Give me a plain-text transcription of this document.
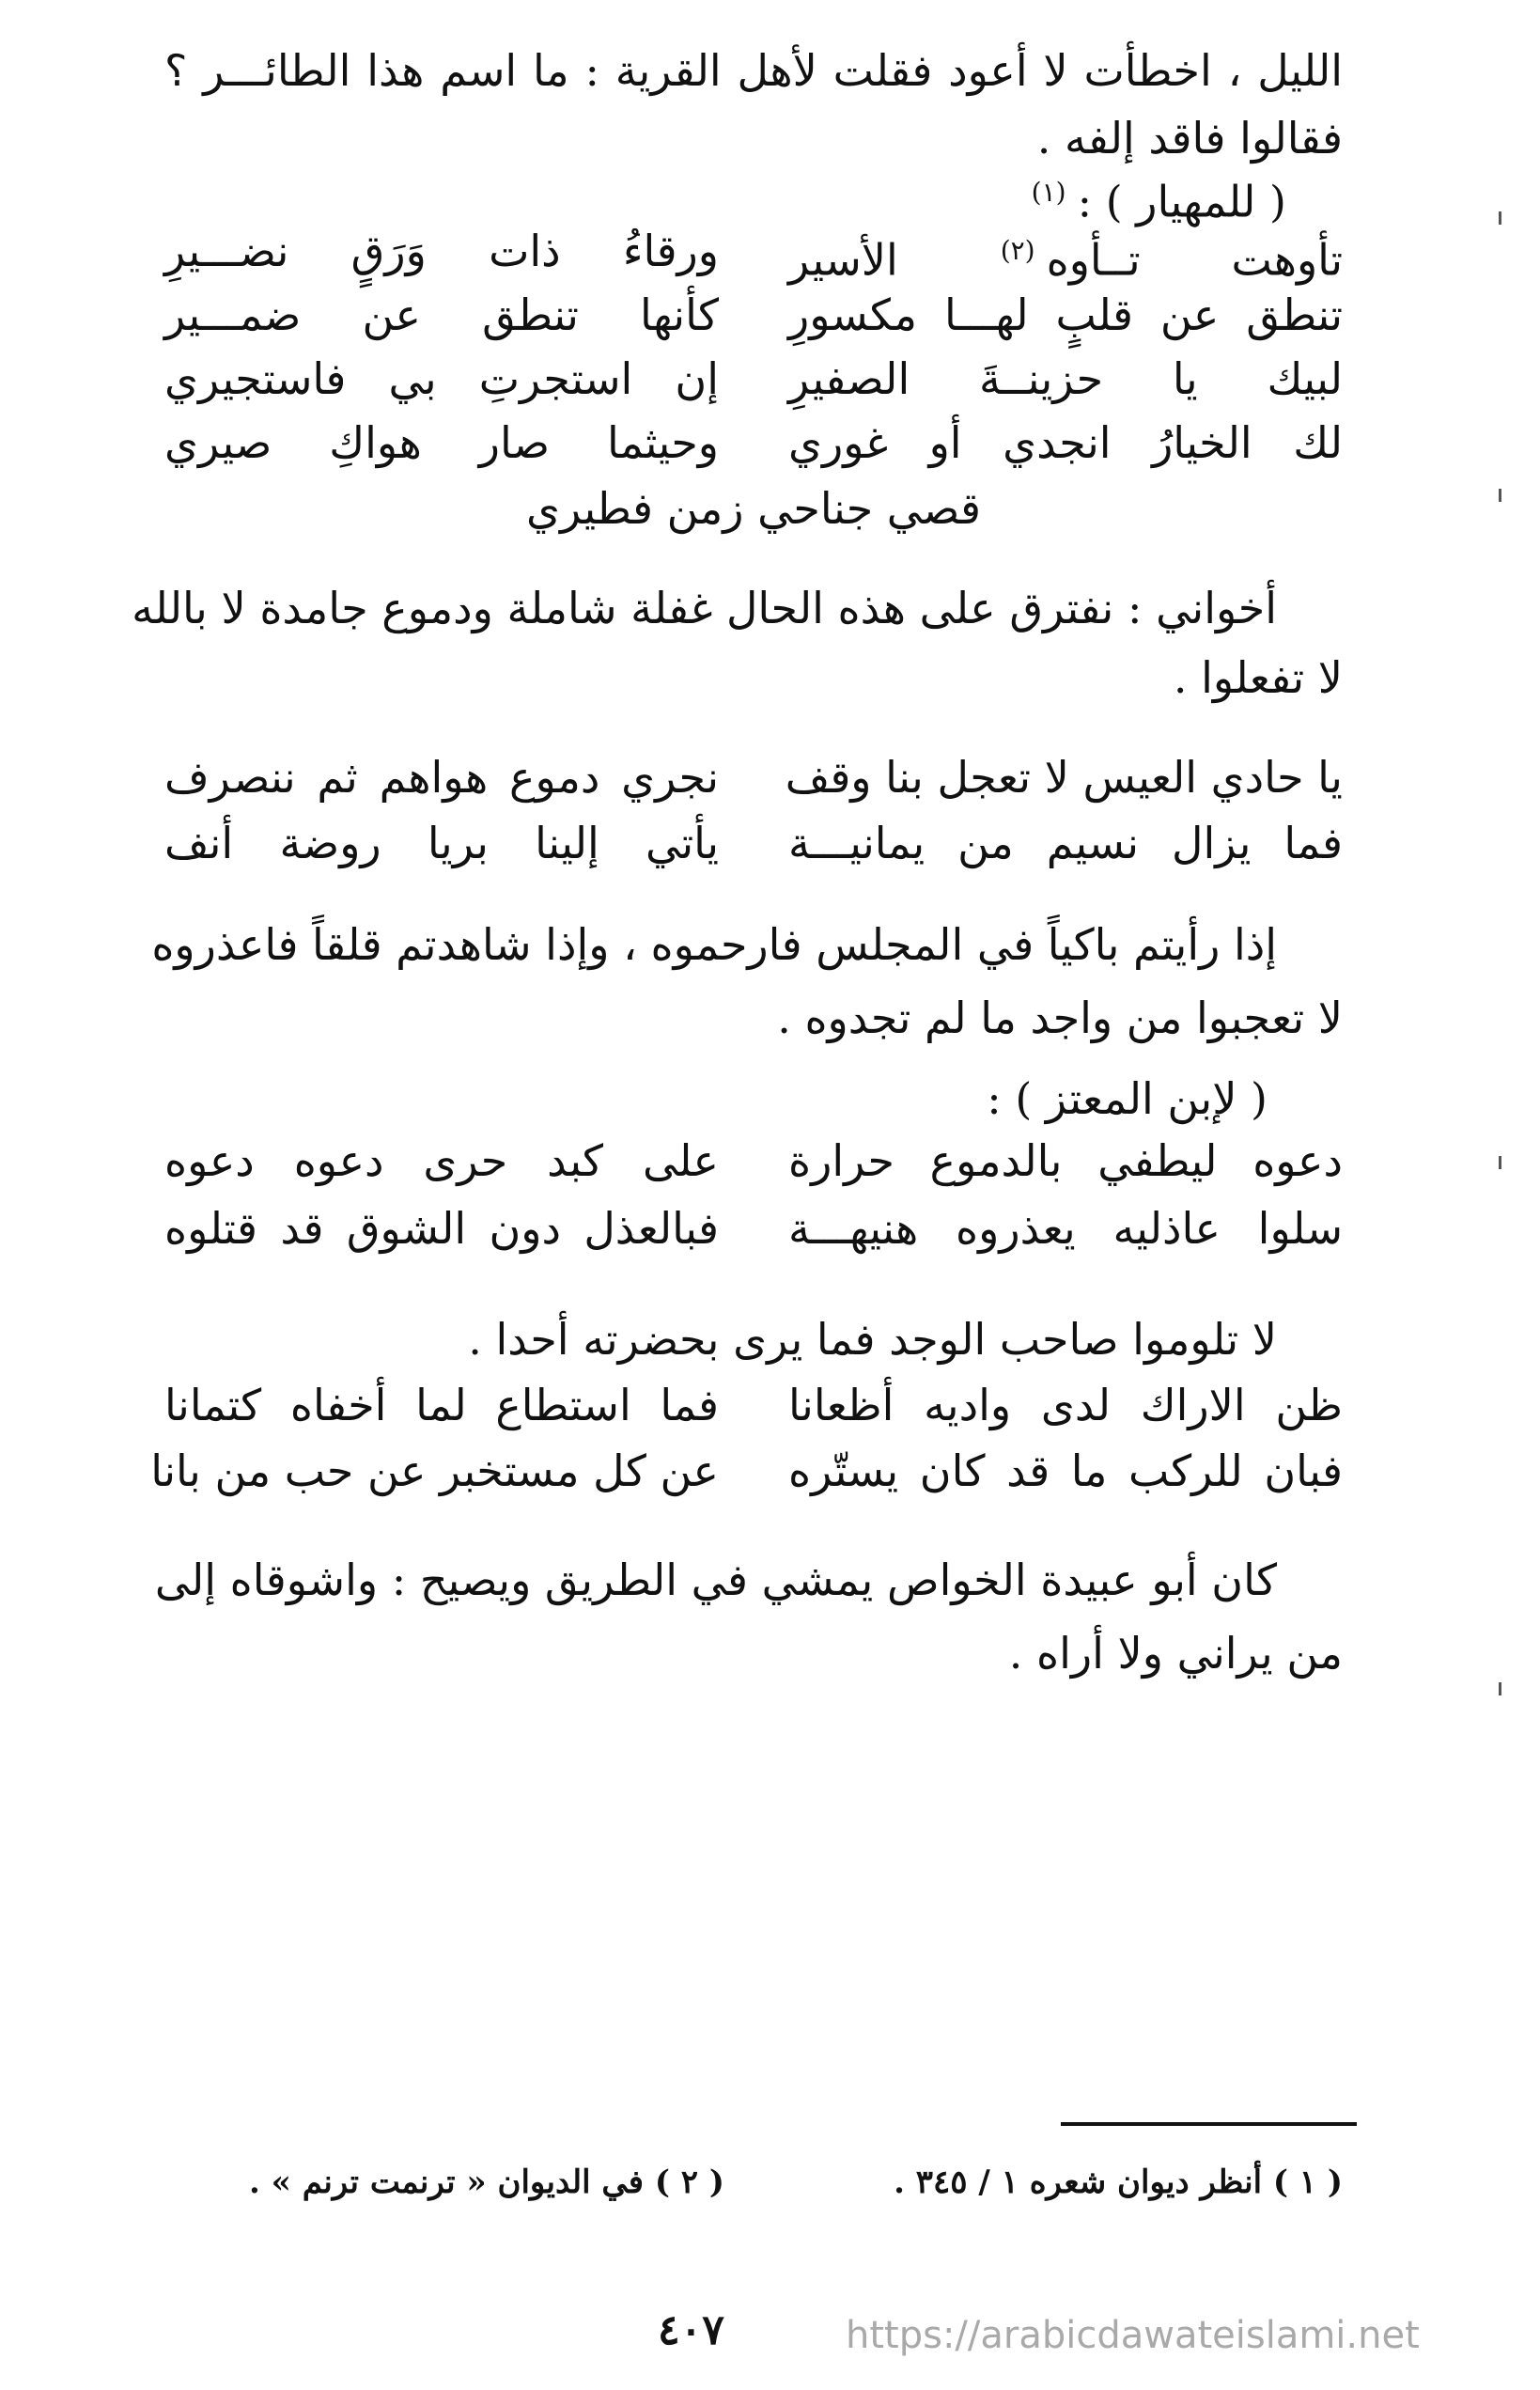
الليل ، اخطأت لا أعود فقلت لأهل القرية : ما اسم هذا الطائـــر ؟
فقالوا فاقد إلفه .
( للمهيار ) :$^{(١)}$
تأوهت تــأوه$^{(٢)}$ الأسير
ورقاءُ ذات وَرَقٍ نضـــيرِ
تنطق عن قلبٍ لهـــا مكسورِ
كأنها تنطق عن ضمـــير
لبيك يا حزينــةَ الصفيرِ
إن استجرتِ بي فاستجيري
لك الخيارُ انجدي أو غوري
وحيثما صار هواكِ صيري
قصي جناحي زمن فطيري
أخواني : نفترق على هذه الحال غفلة شاملة ودموع جامدة لا بالله
لا تفعلوا .
يا حادي العيس لا تعجل بنا وقف
نجري دموع هواهم ثم ننصرف
فما يزال نسيم من يمانيـــة
يأتي إلينا بريا روضة أنف
إذا رأيتم باكياً في المجلس فارحموه ، وإذا شاهدتم قلقاً فاعذروه
لا تعجبوا من واجد ما لم تجدوه .
( لإبن المعتز ) :
دعوه ليطفي بالدموع حرارة
على كبد حرى دعوه دعوه
سلوا عاذليه يعذروه هنيهـــة
فبالعذل دون الشوق قد قتلوه
لا تلوموا صاحب الوجد فما يرى بحضرته أحدا .
ظن الاراك لدى واديه أظعانا
فما استطاع لما أخفاه كتمانا
فبان للركب ما قد كان يستّره
عن كل مستخبر عن حب من بانا
كان أبو عبيدة الخواص يمشي في الطريق ويصيح : واشوقاه إلى
من يراني ولا أراه .
( ١ ) أنظر ديوان شعره ١ / ٣٤٥ .
( ٢ ) في الديوان « ترنمت ترنم » .
٤٠٧	https://arabicdawateislami.net
